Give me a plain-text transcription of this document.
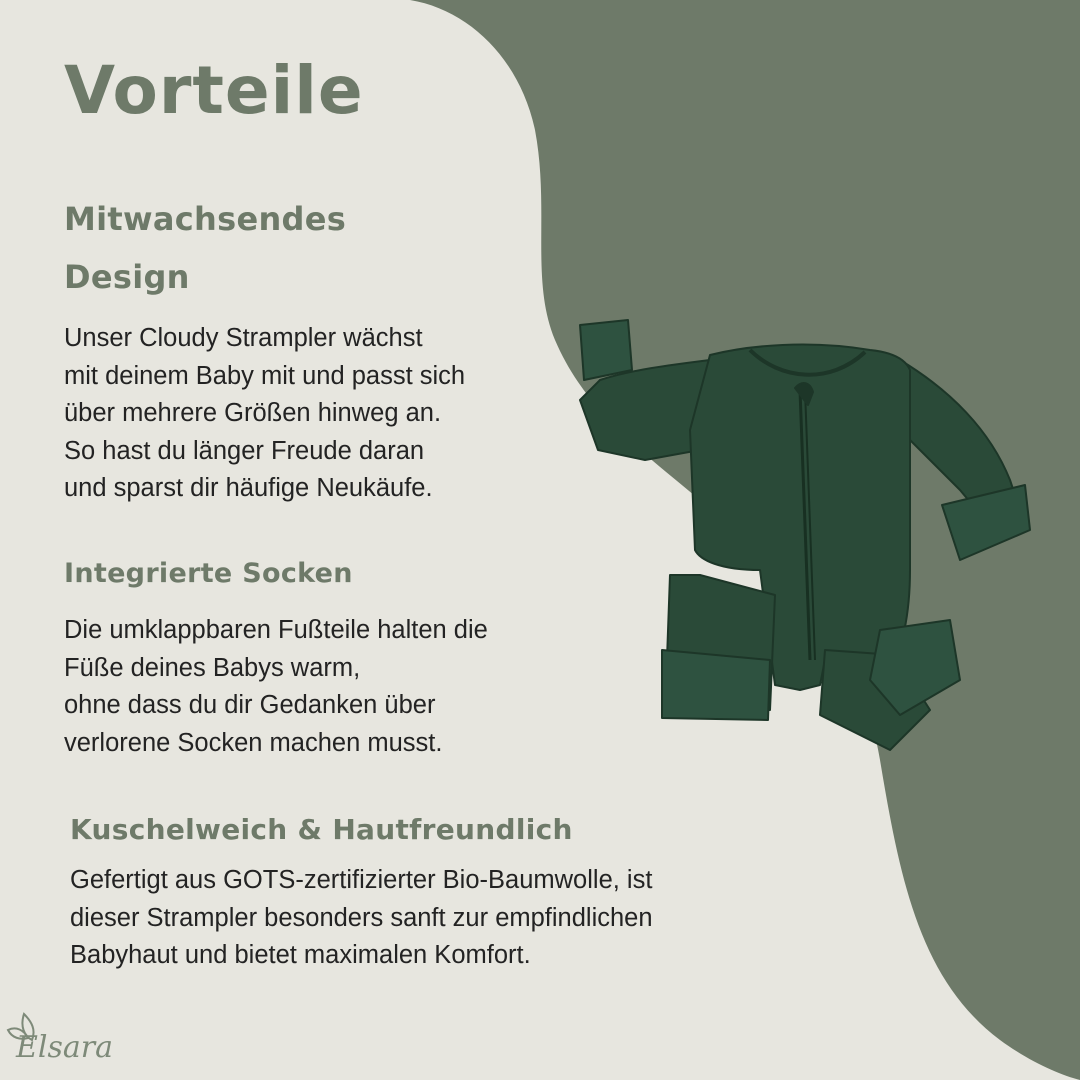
Vorteile
Mitwachsendes Design

Unser Cloudy Strampler wächst
mit deinem Baby mit und passt sich
über mehrere Größen hinweg an.
So hast du länger Freude daran
und sparst dir häufige Neukäufe.

Integrierte Socken

Die umklappbaren Fußteile halten die
Füße deines Babys warm,
ohne dass du dir Gedanken über
verlorene Socken machen musst.

Kuschelweich & Hautfreundlich

Gefertigt aus GOTS-zertifizierter Bio-Baumwolle, ist
dieser Strampler besonders sanft zur empfindlichen
Babyhaut und bietet maximalen Komfort.

Elsara
